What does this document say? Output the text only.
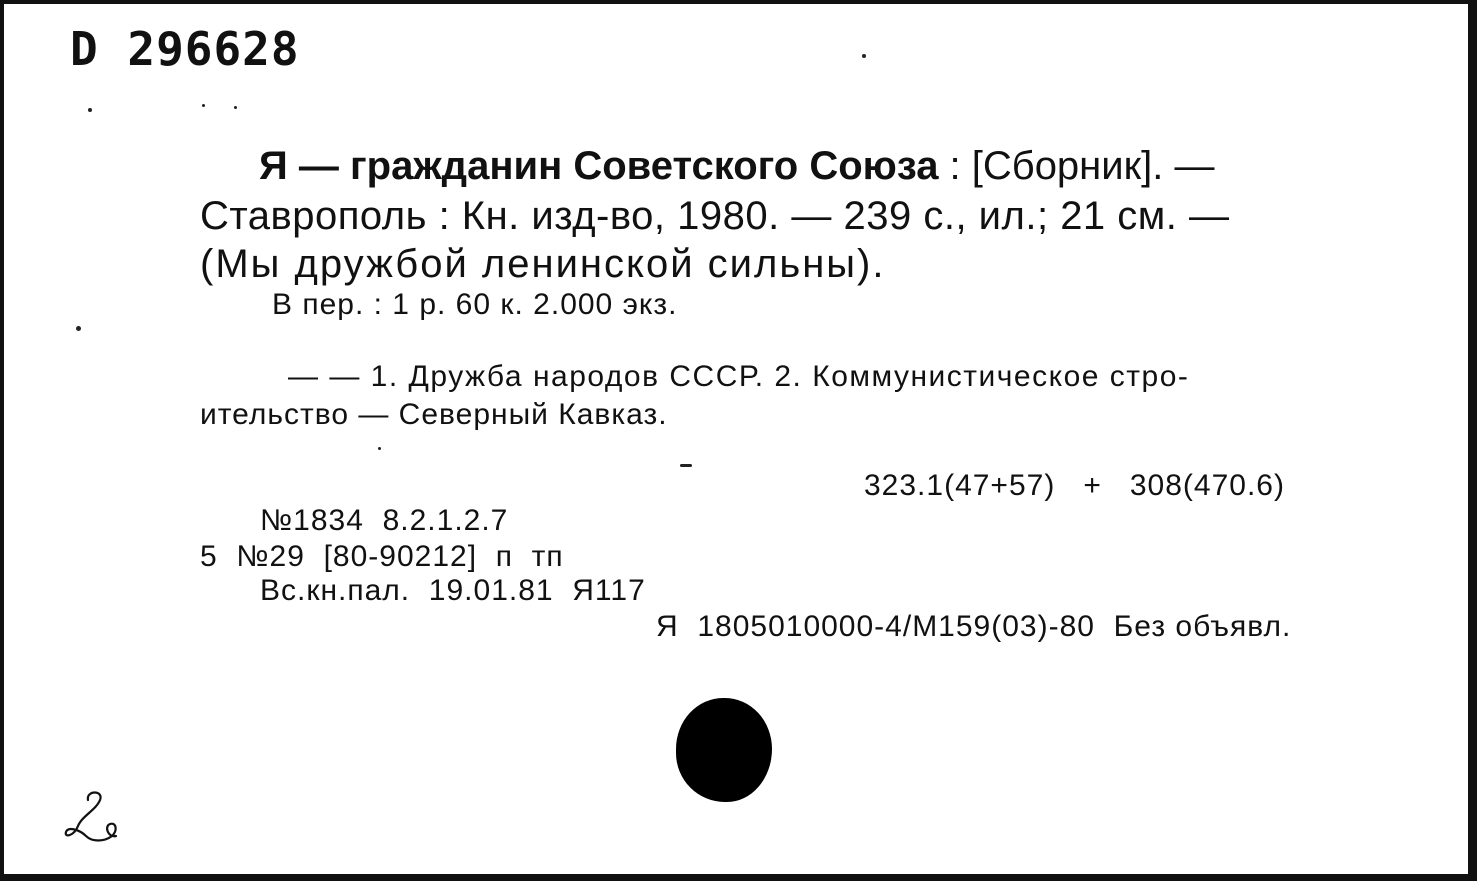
D 296628
Я — гражданин Советского Союза : [Сборник]. —
Ставрополь : Кн. изд-во, 1980. — 239 с., ил.; 21 см. —
(Мы дружбой ленинской сильны).
В пер. : 1 р. 60 к. 2.000 экз.
— — 1. Дружба народов СССР. 2. Коммунистическое стро-
ительство — Северный Кавказ.
323.1(47+57)   +   308(470.6)
№1834  8.2.1.2.7
5  №29  [80-90212]  п  тп
Вс.кн.пал.  19.01.81  Я117
Я  1805010000-4/М159(03)-80  Без объявл.
